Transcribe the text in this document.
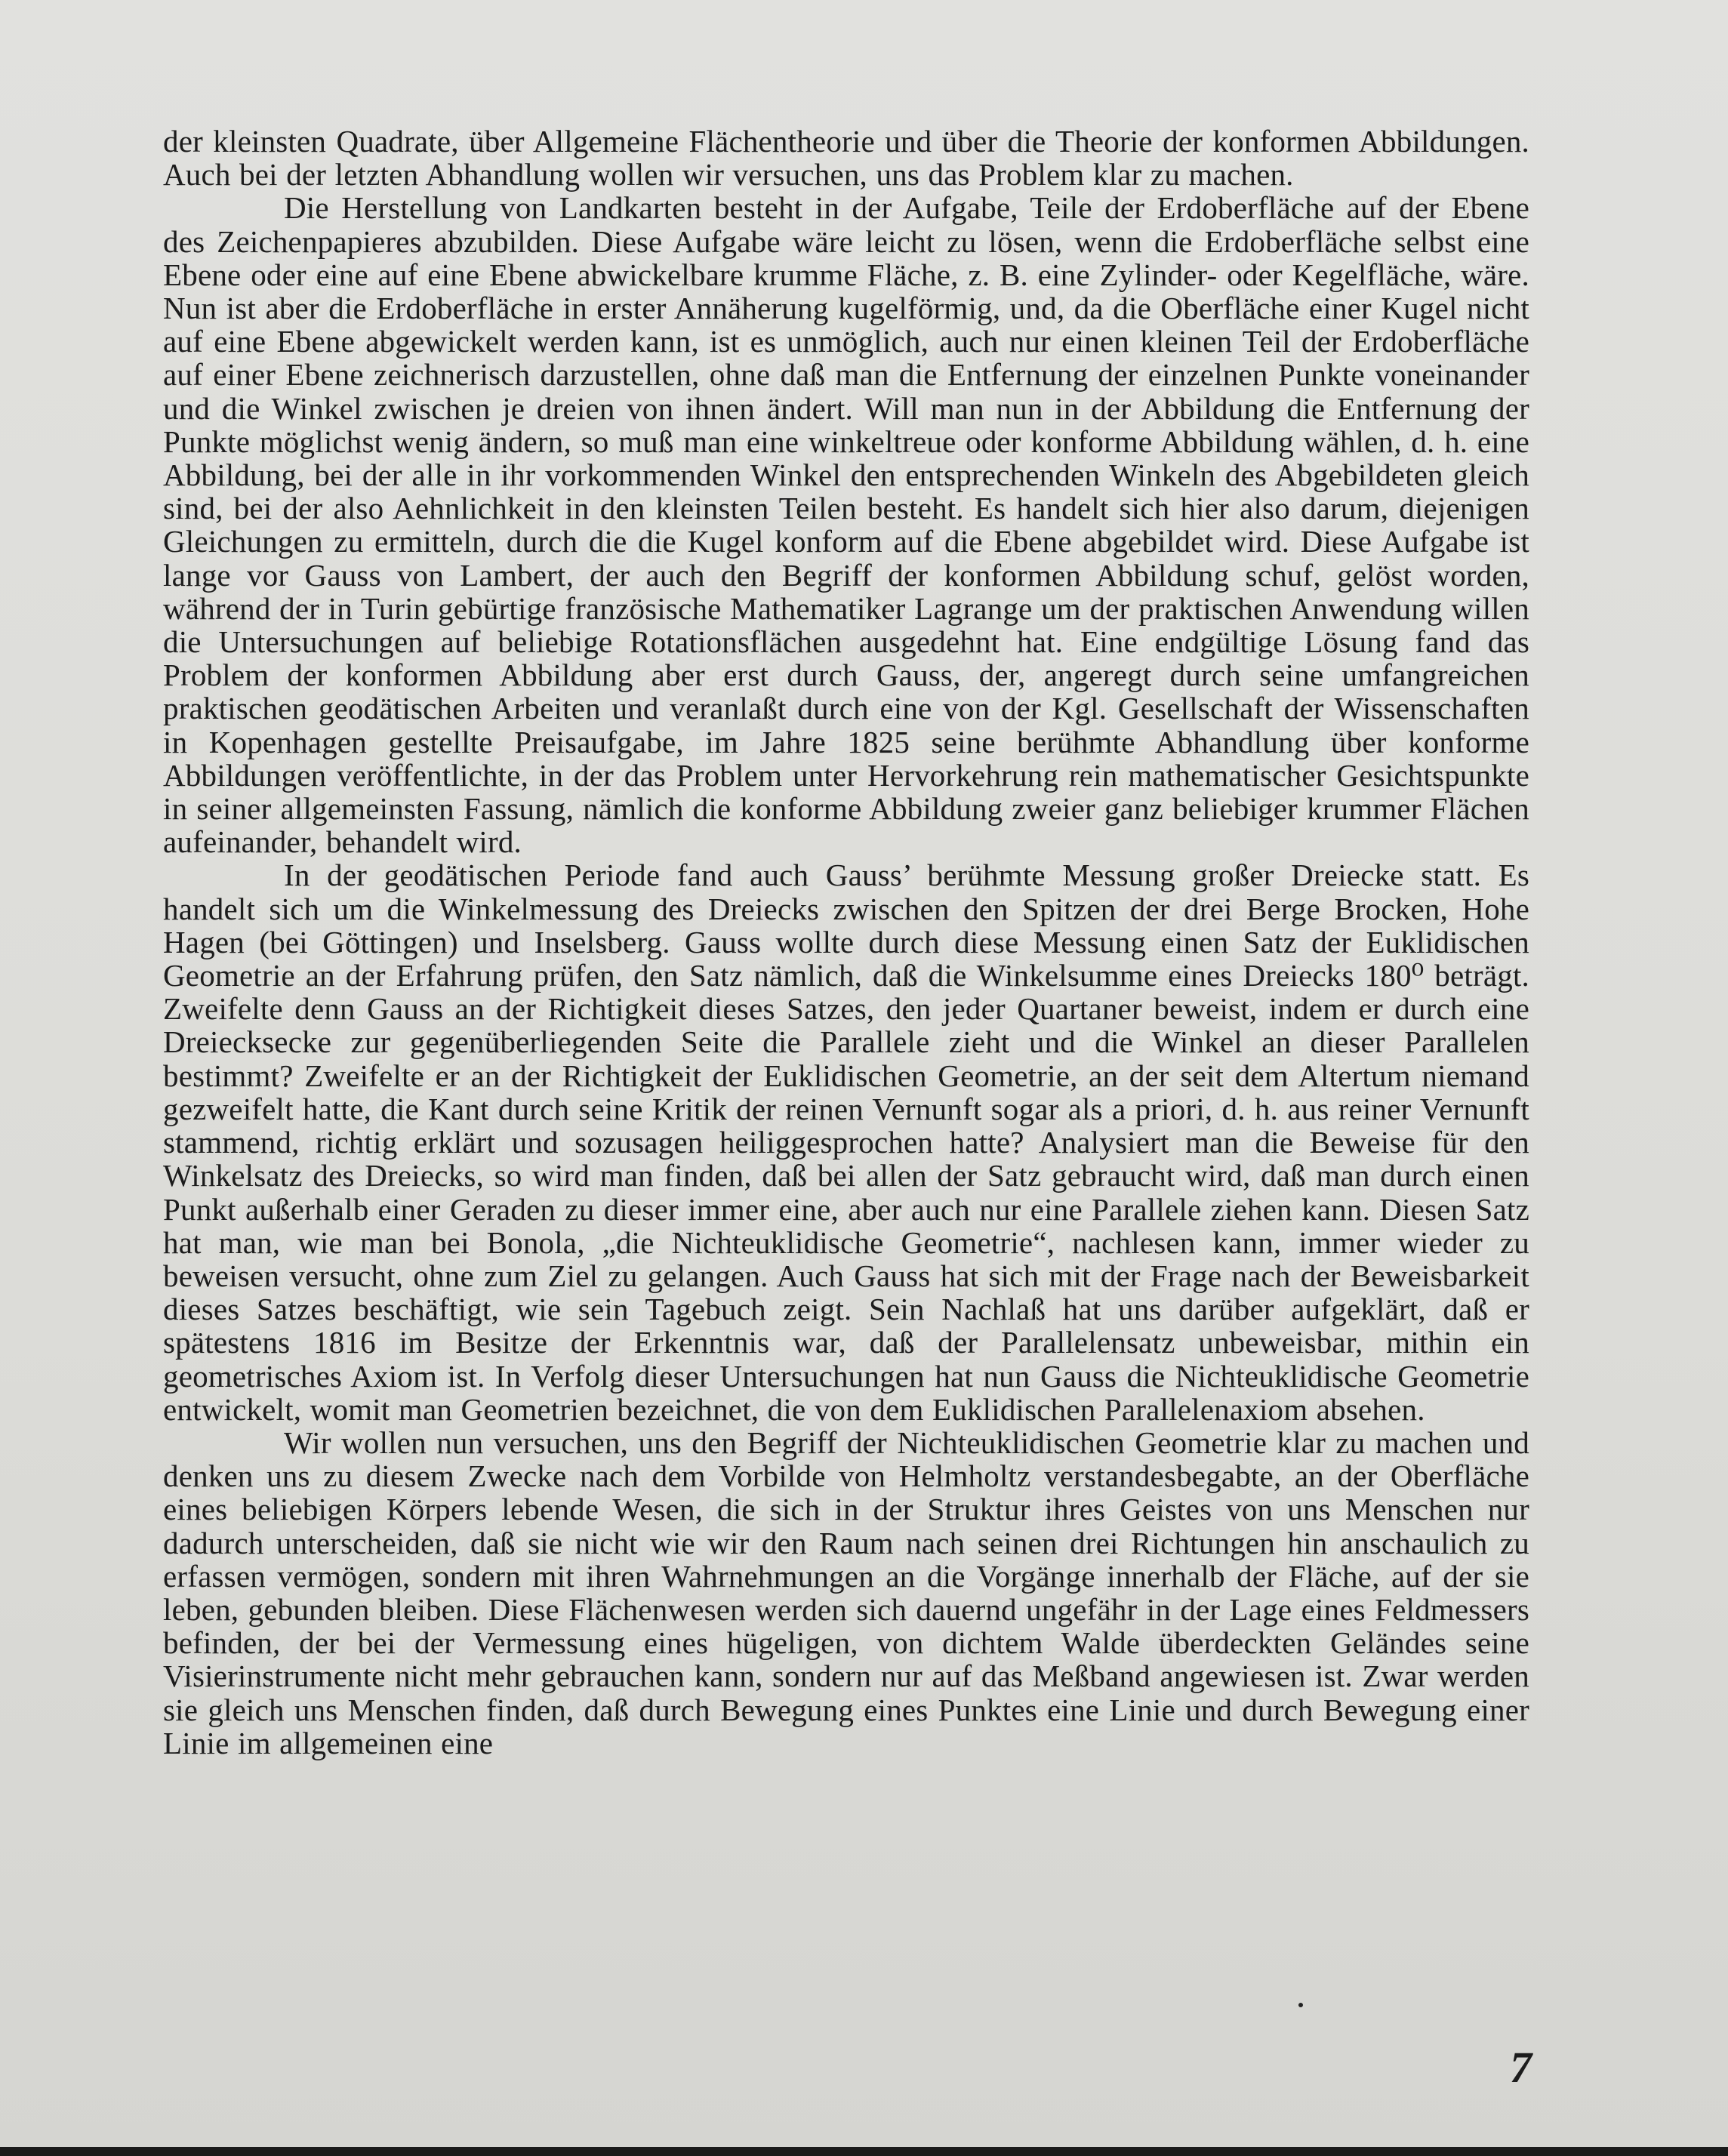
der kleinsten Quadrate, über Allgemeine Flächentheorie und über die Theorie der konformen Abbildungen. Auch bei der letzten Abhandlung wollen wir versuchen, uns das Problem klar zu machen.

Die Herstellung von Landkarten besteht in der Aufgabe, Teile der Erdoberfläche auf der Ebene des Zeichenpapieres abzubilden. Diese Aufgabe wäre leicht zu lösen, wenn die Erdoberfläche selbst eine Ebene oder eine auf eine Ebene abwickelbare krumme Fläche, z. B. eine Zylinder- oder Kegelfläche, wäre. Nun ist aber die Erdoberfläche in erster Annäherung kugelförmig, und, da die Oberfläche einer Kugel nicht auf eine Ebene abgewickelt werden kann, ist es unmöglich, auch nur einen kleinen Teil der Erdoberfläche auf einer Ebene zeichnerisch darzustellen, ohne daß man die Entfernung der einzelnen Punkte voneinander und die Winkel zwischen je dreien von ihnen ändert. Will man nun in der Abbildung die Entfernung der Punkte möglichst wenig ändern, so muß man eine winkeltreue oder konforme Abbildung wählen, d. h. eine Abbildung, bei der alle in ihr vorkommenden Winkel den entsprechenden Winkeln des Abgebildeten gleich sind, bei der also Aehnlichkeit in den kleinsten Teilen besteht. Es handelt sich hier also darum, diejenigen Gleichungen zu ermitteln, durch die die Kugel konform auf die Ebene abgebildet wird. Diese Aufgabe ist lange vor Gauss von Lambert, der auch den Begriff der konformen Abbildung schuf, gelöst worden, während der in Turin gebürtige französische Mathematiker Lagrange um der praktischen Anwendung willen die Untersuchungen auf beliebige Rotationsflächen ausgedehnt hat. Eine endgültige Lösung fand das Problem der konformen Abbildung aber erst durch Gauss, der, angeregt durch seine umfangreichen praktischen geodätischen Arbeiten und veranlaßt durch eine von der Kgl. Gesellschaft der Wissenschaften in Kopenhagen gestellte Preisaufgabe, im Jahre 1825 seine berühmte Abhandlung über konforme Abbildungen veröffentlichte, in der das Problem unter Hervorkehrung rein mathematischer Gesichtspunkte in seiner allgemeinsten Fassung, nämlich die konforme Abbildung zweier ganz beliebiger krummer Flächen aufeinander, behandelt wird.

In der geodätischen Periode fand auch Gauss’ berühmte Messung großer Dreiecke statt. Es handelt sich um die Winkelmessung des Dreiecks zwischen den Spitzen der drei Berge Brocken, Hohe Hagen (bei Göttingen) und Inselsberg. Gauss wollte durch diese Messung einen Satz der Euklidischen Geometrie an der Erfahrung prüfen, den Satz nämlich, daß die Winkelsumme eines Dreiecks 180⁰ beträgt. Zweifelte denn Gauss an der Richtigkeit dieses Satzes, den jeder Quartaner beweist, indem er durch eine Dreiecksecke zur gegenüberliegenden Seite die Parallele zieht und die Winkel an dieser Parallelen bestimmt? Zweifelte er an der Richtigkeit der Euklidischen Geometrie, an der seit dem Altertum niemand gezweifelt hatte, die Kant durch seine Kritik der reinen Vernunft sogar als a priori, d. h. aus reiner Vernunft stammend, richtig erklärt und sozusagen heiliggesprochen hatte? Analysiert man die Beweise für den Winkelsatz des Dreiecks, so wird man finden, daß bei allen der Satz gebraucht wird, daß man durch einen Punkt außerhalb einer Geraden zu dieser immer eine, aber auch nur eine Parallele ziehen kann. Diesen Satz hat man, wie man bei Bonola, „die Nichteuklidische Geometrie“, nachlesen kann, immer wieder zu beweisen versucht, ohne zum Ziel zu gelangen. Auch Gauss hat sich mit der Frage nach der Beweisbarkeit dieses Satzes beschäftigt, wie sein Tagebuch zeigt. Sein Nachlaß hat uns darüber aufgeklärt, daß er spätestens 1816 im Besitze der Erkenntnis war, daß der Parallelensatz unbeweisbar, mithin ein geometrisches Axiom ist. In Verfolg dieser Untersuchungen hat nun Gauss die Nichteuklidische Geometrie entwickelt, womit man Geometrien bezeichnet, die von dem Euklidischen Parallelenaxiom absehen.

Wir wollen nun versuchen, uns den Begriff der Nichteuklidischen Geometrie klar zu machen und denken uns zu diesem Zwecke nach dem Vorbilde von Helmholtz verstandesbegabte, an der Oberfläche eines beliebigen Körpers lebende Wesen, die sich in der Struktur ihres Geistes von uns Menschen nur dadurch unterscheiden, daß sie nicht wie wir den Raum nach seinen drei Richtungen hin anschaulich zu erfassen vermögen, sondern mit ihren Wahrnehmungen an die Vorgänge innerhalb der Fläche, auf der sie leben, gebunden bleiben. Diese Flächenwesen werden sich dauernd ungefähr in der Lage eines Feldmessers befinden, der bei der Vermessung eines hügeligen, von dichtem Walde überdeckten Geländes seine Visierinstrumente nicht mehr gebrauchen kann, sondern nur auf das Meßband angewiesen ist. Zwar werden sie gleich uns Menschen finden, daß durch Bewegung eines Punktes eine Linie und durch Bewegung einer Linie im allgemeinen eine

7
